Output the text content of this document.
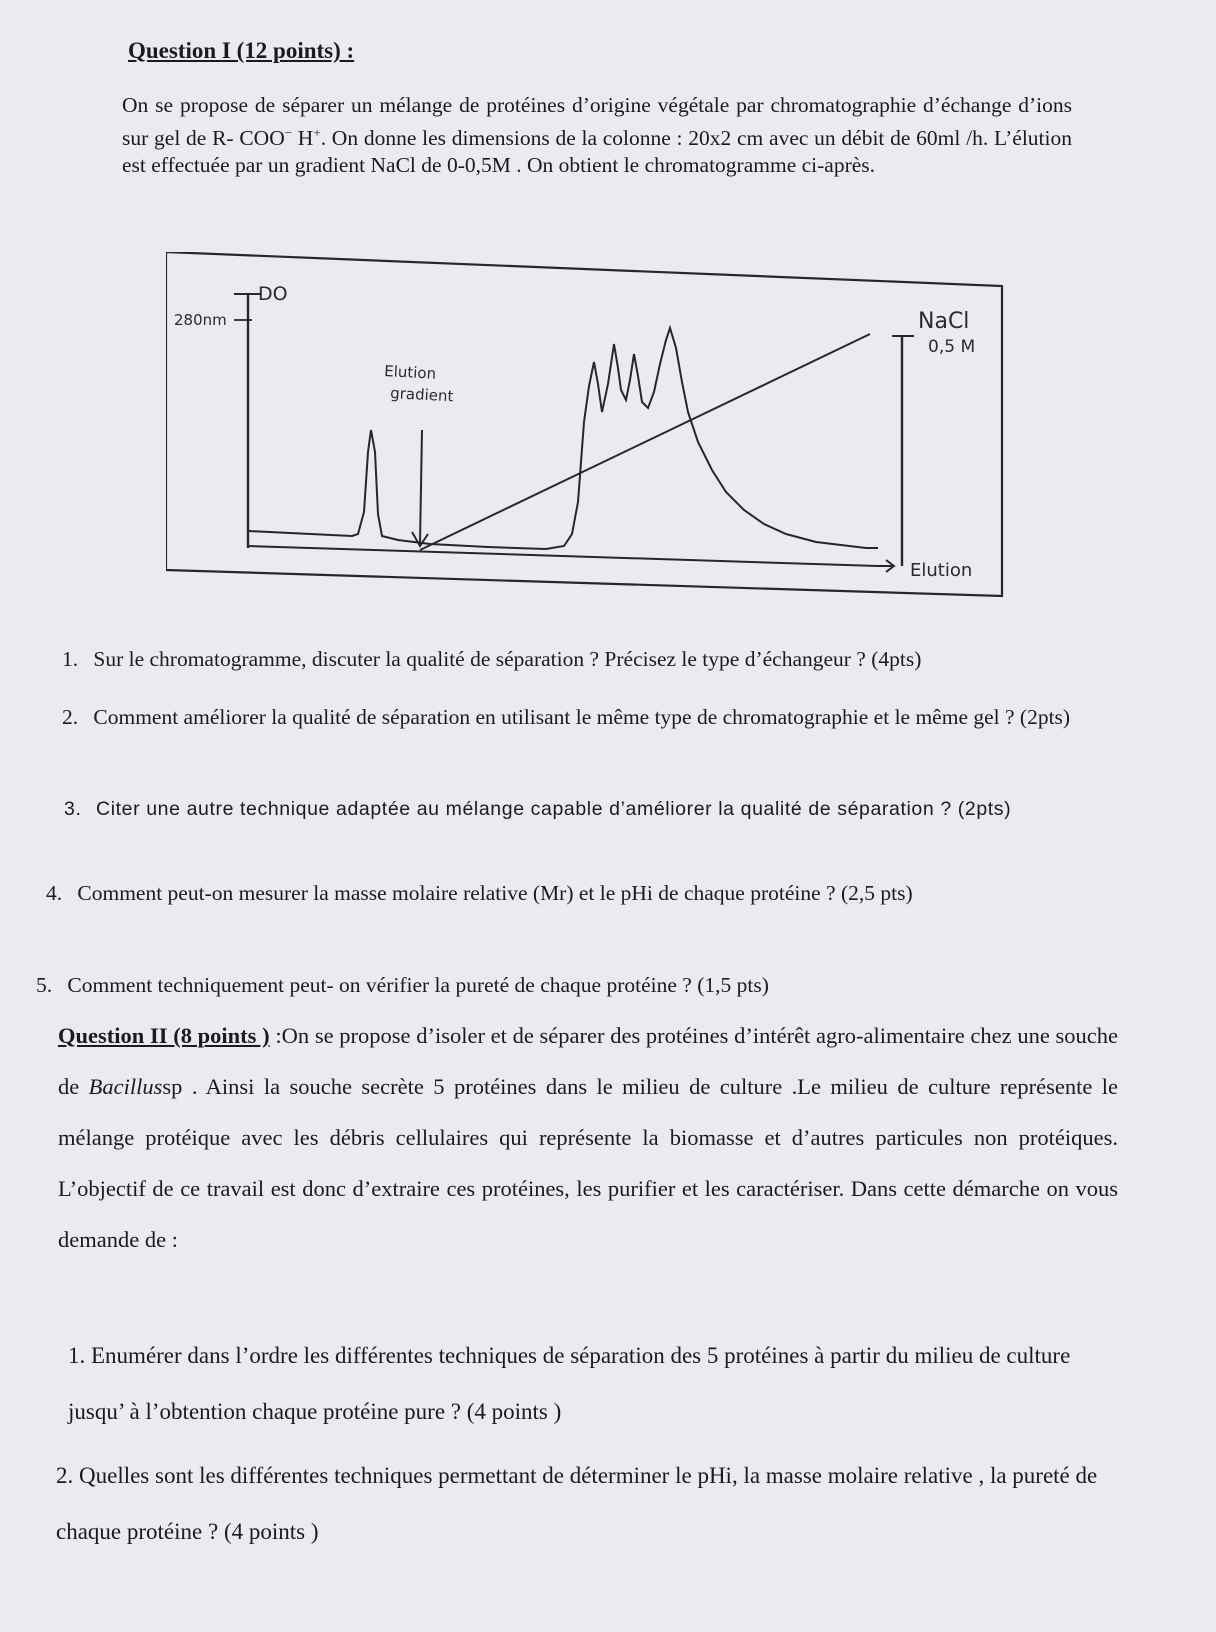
Question I (12 points) :

On se propose de séparer un mélange de protéines d’origine végétale par chromatographie d’échange d’ions sur gel de R- COO− H+. On donne les dimensions de la colonne : 20x2 cm avec un débit de 60ml /h. L’élution est effectuée par un gradient NaCl de 0-0,5M . On obtient le chromatogramme ci-après.

280nm
DO
NaCl
0,5 M
Elution
Elution
gradient
1. Sur le chromatogramme, discuter la qualité de séparation ? Précisez le type d’échangeur ? (4pts)
2. Comment améliorer la qualité de séparation en utilisant le même type de chromatographie et le même gel ? (2pts)
3. Citer une autre technique adaptée au mélange capable d’améliorer la qualité de séparation ? (2pts)
4. Comment peut-on mesurer la masse molaire relative (Mr) et le pHi de chaque protéine ? (2,5 pts)
5. Comment techniquement peut- on vérifier la pureté de chaque protéine ? (1,5 pts)

Question II (8 points ) :On se propose d’isoler et de séparer des protéines d’intérêt agro-alimentaire chez une souche de Bacillussp . Ainsi la souche secrète 5 protéines dans le milieu de culture .Le milieu de culture représente le mélange protéique avec les débris cellulaires qui représente la biomasse et d’autres particules non protéiques. L’objectif de ce travail est donc d’extraire ces protéines, les purifier et les caractériser. Dans cette démarche on vous demande de :

1. Enumérer dans l’ordre les différentes techniques de séparation des 5 protéines à partir du milieu de culture jusqu’ à l’obtention chaque protéine pure ? (4 points )
2. Quelles sont les différentes techniques permettant de déterminer le pHi, la masse molaire relative , la pureté de chaque protéine ? (4 points )
